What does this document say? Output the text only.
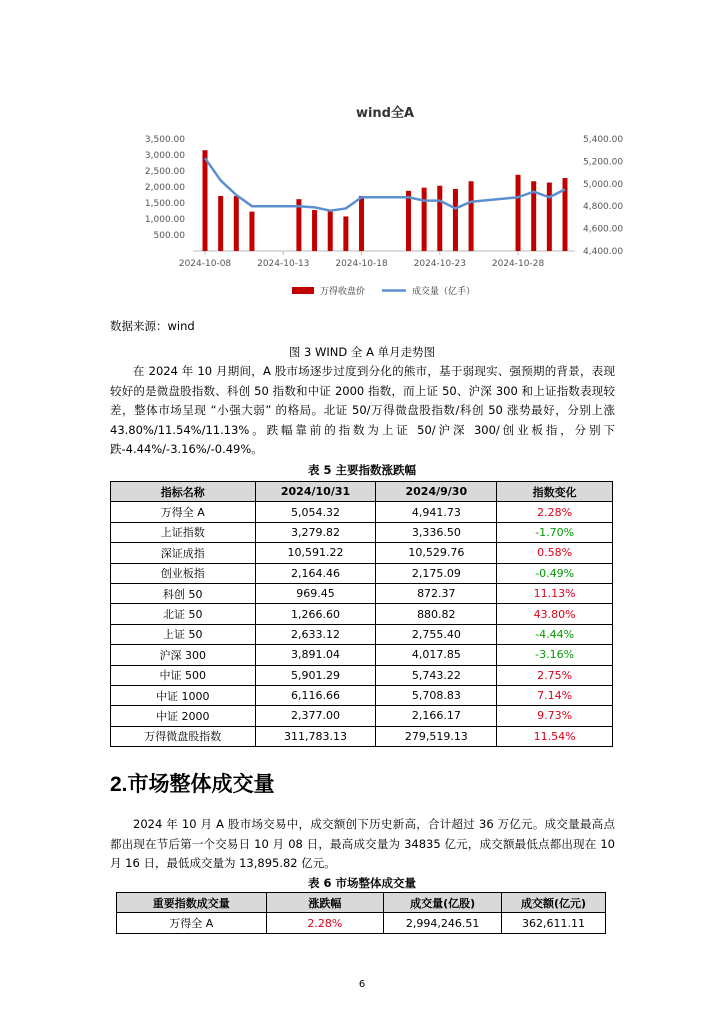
wind全A
500.00
1,000.00
1,500.00
2,000.00
2,500.00
3,000.00
3,500.00
4,400.00
4,600.00
4,800.00
5,000.00
5,200.00
5,400.00
2024-10-08	2024-10-13	2024-10-18	2024-10-23	2024-10-28
万得收盘价	成交量（亿手）
数据来源：wind
图 3 WIND 全 A 单月走势图

在 2024 年 10 月期间，A 股市场逐步过度到分化的熊市，基于弱现实、强预期的背景，表现较好的是微盘股指数、科创 50 指数和中证 2000 指数，而上证 50、沪深 300 和上证指数表现较差，整体市场呈现 “小强大弱” 的格局。北证 50/万得微盘股指数/科创 50 涨势最好，分别上涨 43.80%/11.54%/11.13%。跌幅靠前的指数为上证 50/沪深 300/创业板指，分别下跌-4.44%/-3.16%/-0.49%。

表 5 主要指数涨跌幅
指标名称	2024/10/31	2024/9/30	指数变化
万得全 A	5,054.32	4,941.73	2.28%
上证指数	3,279.82	3,336.50	-1.70%
深证成指	10,591.22	10,529.76	0.58%
创业板指	2,164.46	2,175.09	-0.49%
科创 50	969.45	872.37	11.13%
北证 50	1,266.60	880.82	43.80%
上证 50	2,633.12	2,755.40	-4.44%
沪深 300	3,891.04	4,017.85	-3.16%
中证 500	5,901.29	5,743.22	2.75%
中证 1000	6,116.66	5,708.83	7.14%
中证 2000	2,377.00	2,166.17	9.73%
万得微盘股指数	311,783.13	279,519.13	11.54%
2.市场整体成交量

2024 年 10 月 A 股市场交易中，成交额创下历史新高，合计超过 36 万亿元。成交量最高点都出现在节后第一个交易日 10 月 08 日，最高成交量为 34835 亿元，成交额最低点都出现在 10 月 16 日，最低成交量为 13,895.82 亿元。

表 6 市场整体成交量
重要指数成交量	涨跌幅	成交量(亿股)	成交额(亿元)
万得全 A	2.28%	2,994,246.51	362,611.11
6
